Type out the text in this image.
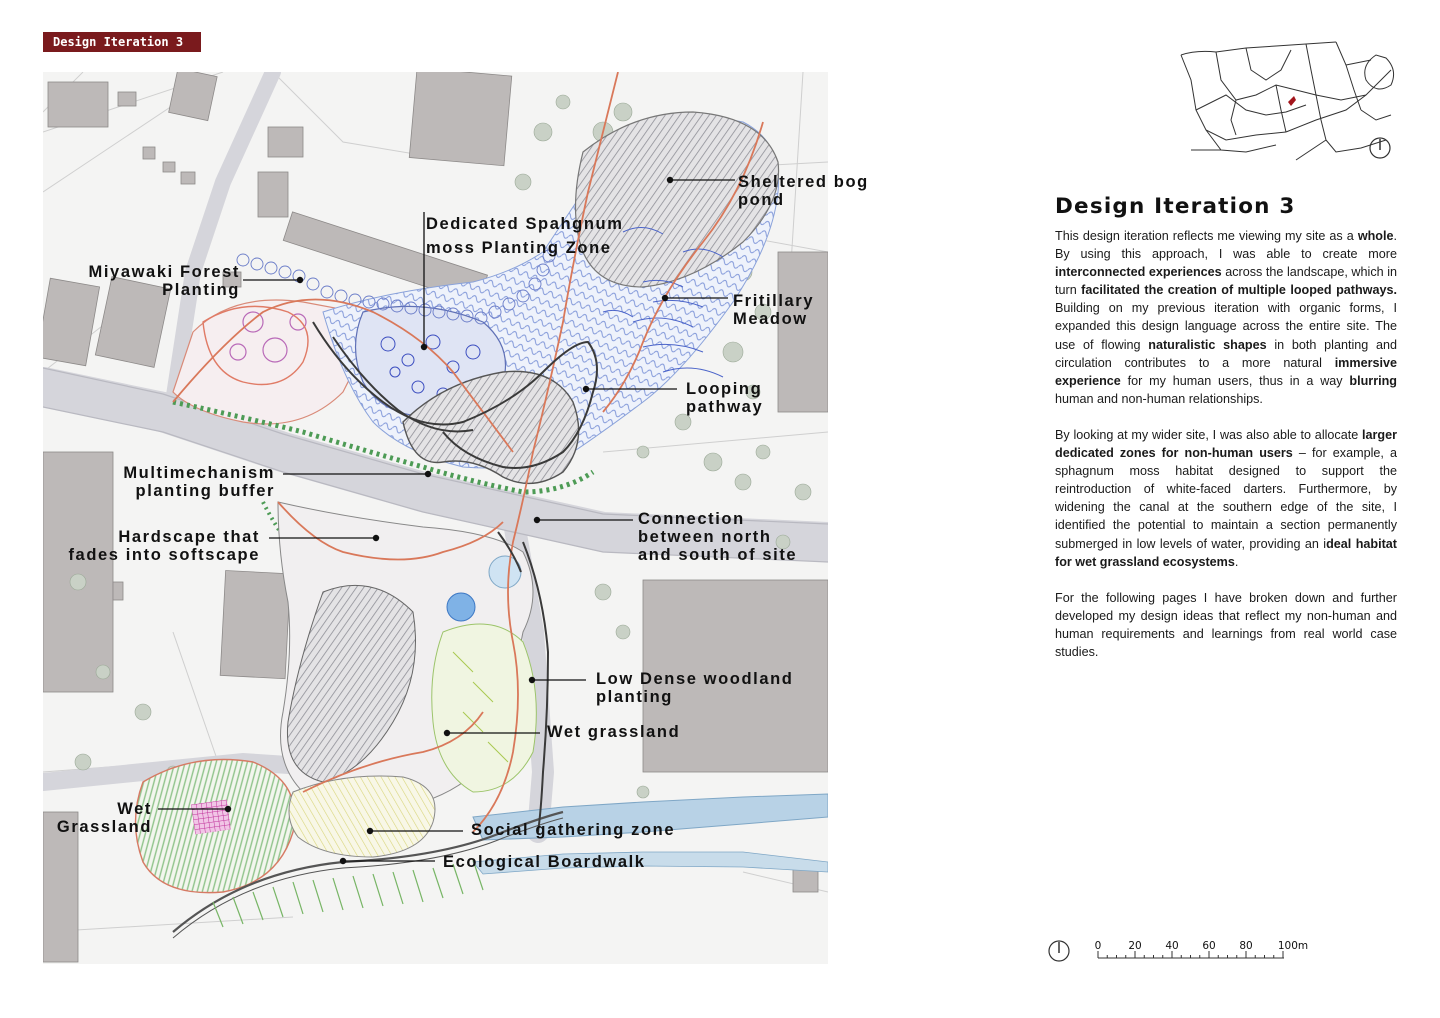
Design Iteration 3
Sheltered bog
pond
Dedicated Spahgnum
moss Planting Zone
Miyawaki Forest
Planting
Fritillary
Meadow
Looping
pathway
Multimechanism
planting buffer
Connection
between north
and south of site
Hardscape that
fades into softscape
Low Dense woodland
planting
Wet grassland
Wet
Grassland	Social gathering zone
Ecological Boardwalk
Design Iteration 3

This design iteration reflects me viewing my site as a whole. By using this approach, I was able to create more interconnected experiences across the landscape, which in turn facilitated the creation of multiple looped pathways. Building on my previous iteration with organic forms, I expanded this design language across the entire site. The use of flowing naturalistic shapes in both planting and circulation contributes to a more natural immersive experience for my human users, thus in a way blurring human and non-human relationships.

By looking at my wider site, I was also able to allocate larger dedicated zones for non-human users – for example, a sphagnum moss habitat designed to support the reintroduction of white-faced darters. Furthermore, by widening the canal at the southern edge of the site, I identified the potential to maintain a section permanently submerged in low levels of water, providing an ideal habitat for wet grassland ecosystems.

For the following pages I have broken down and further developed my design ideas that reflect my non-human and human requirements and learnings from real world case studies.

0	20 40 60 80 100m
